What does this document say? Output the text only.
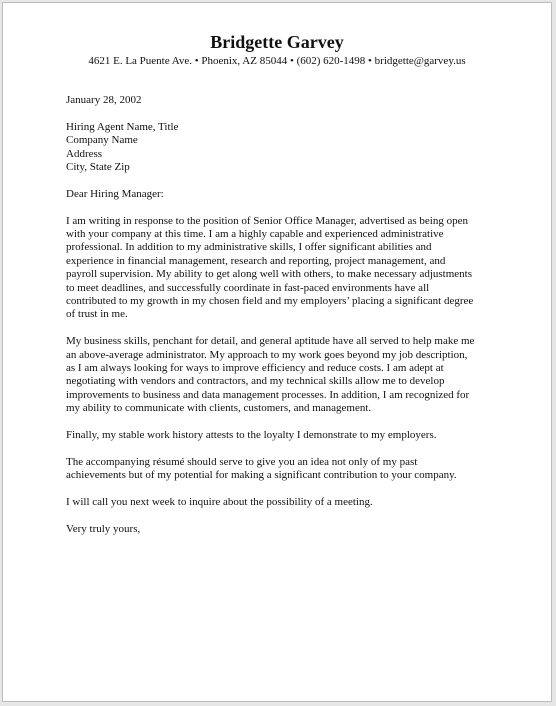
Bridgette Garvey

4621 E. La Puente Ave. • Phoenix, AZ 85044 • (602) 620-1498 • bridgette@garvey.us

January 28, 2002

Hiring Agent Name, Title

Company Name

Address

City, State Zip

Dear Hiring Manager:

I am writing in response to the position of Senior Office Manager, advertised as being open
with your company at this time. I am a highly capable and experienced administrative
professional. In addition to my administrative skills, I offer significant abilities and
experience in financial management, research and reporting, project management, and
payroll supervision. My ability to get along well with others, to make necessary adjustments
to meet deadlines, and successfully coordinate in fast-paced environments have all
contributed to my growth in my chosen field and my employers’ placing a significant degree
of trust in me.

My business skills, penchant for detail, and general aptitude have all served to help make me
an above-average administrator. My approach to my work goes beyond my job description,
as I am always looking for ways to improve efficiency and reduce costs. I am adept at
negotiating with vendors and contractors, and my technical skills allow me to develop
improvements to business and data management processes. In addition, I am recognized for
my ability to communicate with clients, customers, and management.

Finally, my stable work history attests to the loyalty I demonstrate to my employers.

The accompanying résumé should serve to give you an idea not only of my past
achievements but of my potential for making a significant contribution to your company.

I will call you next week to inquire about the possibility of a meeting.

Very truly yours,
